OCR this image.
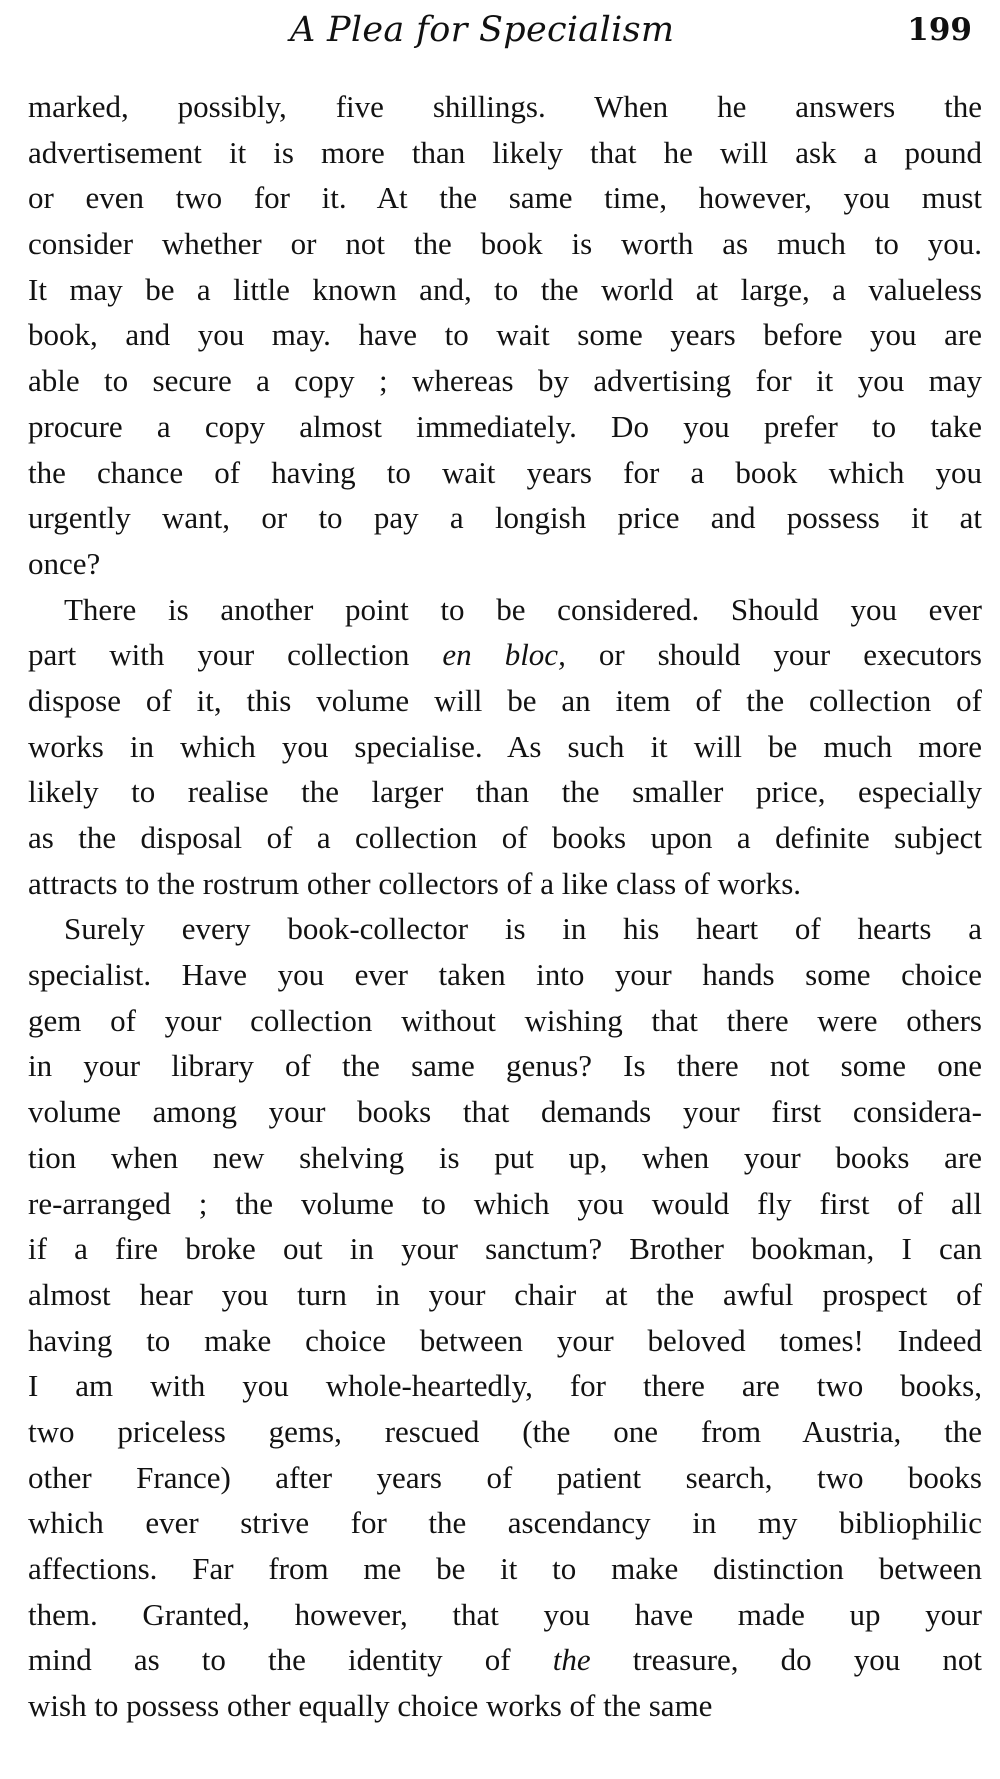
A Plea for Specialism	199
marked, possibly, five shillings. When he answers the
advertisement it is more than likely that he will ask a pound
or even two for it. At the same time, however, you must
consider whether or not the book is worth as much to you.
It may be a little known and, to the world at large, a valueless
book, and you may. have to wait some years before you are
able to secure a copy ; whereas by advertising for it you may
procure a copy almost immediately. Do you prefer to take
the chance of having to wait years for a book which you
urgently want, or to pay a longish price and possess it at
once?
There is another point to be considered. Should you ever
part with your collection en bloc, or should your executors
dispose of it, this volume will be an item of the collection of
works in which you specialise. As such it will be much more
likely to realise the larger than the smaller price, especially
as the disposal of a collection of books upon a definite subject
attracts to the rostrum other collectors of a like class of works.
Surely every book-collector is in his heart of hearts a
specialist. Have you ever taken into your hands some choice
gem of your collection without wishing that there were others
in your library of the same genus? Is there not some one
volume among your books that demands your first considera-
tion when new shelving is put up, when your books are
re-arranged ; the volume to which you would fly first of all
if a fire broke out in your sanctum? Brother bookman, I can
almost hear you turn in your chair at the awful prospect of
having to make choice between your beloved tomes! Indeed
I am with you whole-heartedly, for there are two books,
two priceless gems, rescued (the one from Austria, the
other France) after years of patient search, two books
which ever strive for the ascendancy in my bibliophilic
affections. Far from me be it to make distinction between
them. Granted, however, that you have made up your
mind as to the identity of the treasure, do you not
wish to possess other equally choice works of the same
